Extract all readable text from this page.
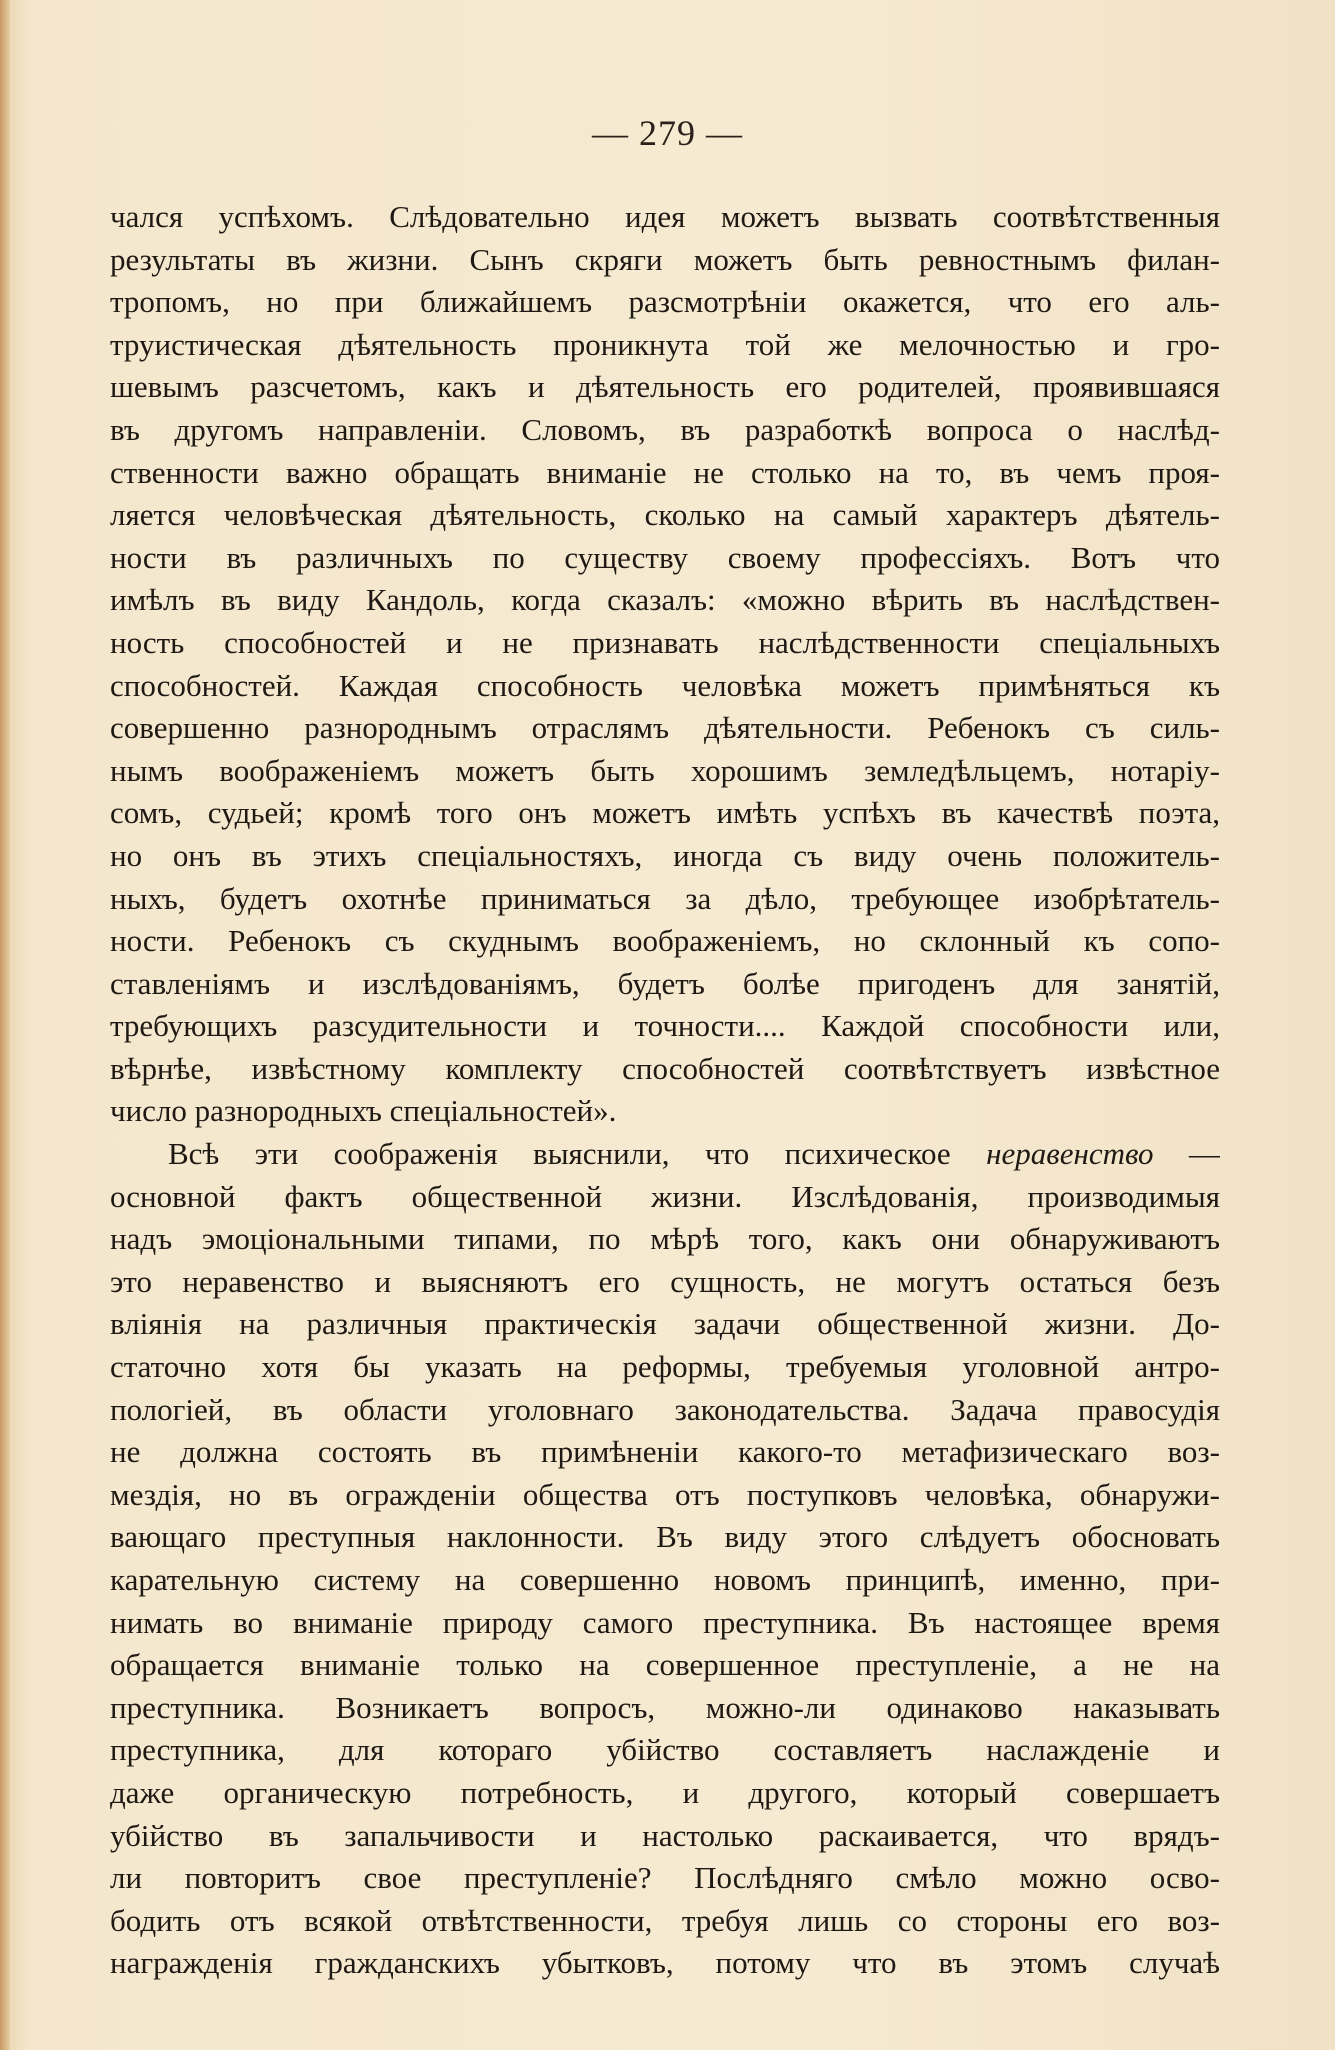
— 279 —
чался успѣхомъ. Слѣдовательно идея можетъ вызвать соотвѣтственныя
результаты въ жизни. Сынъ скряги можетъ быть ревностнымъ филан-
тропомъ, но при ближайшемъ разсмотрѣніи окажется, что его аль-
труистическая дѣятельность проникнута той же мелочностью и гро-
шевымъ разсчетомъ, какъ и дѣятельность его родителей, проявившаяся
въ другомъ направленіи. Словомъ, въ разработкѣ вопроса о наслѣд-
ственности важно обращать вниманіе не столько на то, въ чемъ проя-
ляется человѣческая дѣятельность, сколько на самый характеръ дѣятель-
ности въ различныхъ по существу своему профессіяхъ. Вотъ что
имѣлъ въ виду Кандоль, когда сказалъ: «можно вѣрить въ наслѣдствен-
ность способностей и не признавать наслѣдственности спеціальныхъ
способностей. Каждая способность человѣка можетъ примѣняться къ
совершенно разнороднымъ отраслямъ дѣятельности. Ребенокъ съ силь-
нымъ воображеніемъ можетъ быть хорошимъ земледѣльцемъ, нотаріу-
сомъ, судьей; кромѣ того онъ можетъ имѣть успѣхъ въ качествѣ поэта,
но онъ въ этихъ спеціальностяхъ, иногда съ виду очень положитель-
ныхъ, будетъ охотнѣе приниматься за дѣло, требующее изобрѣтатель-
ности. Ребенокъ съ скуднымъ воображеніемъ, но склонный къ сопо-
ставленіямъ и изслѣдованіямъ, будетъ болѣе пригоденъ для занятій,
требующихъ разсудительности и точности.... Каждой способности или,
вѣрнѣе, извѣстному комплекту способностей соотвѣтствуетъ извѣстное
число разнородныхъ спеціальностей».
Всѣ эти соображенія выяснили, что психическое неравенство —
основной фактъ общественной жизни. Изслѣдованія, производимыя
надъ эмоціональными типами, по мѣрѣ того, какъ они обнаруживаютъ
это неравенство и выясняютъ его сущность, не могутъ остаться безъ
вліянія на различныя практическія задачи общественной жизни. До-
статочно хотя бы указать на реформы, требуемыя уголовной антро-
пологіей, въ области уголовнаго законодательства. Задача правосудія
не должна состоять въ примѣненіи какого-то метафизическаго воз-
мездія, но въ огражденіи общества отъ поступковъ человѣка, обнаружи-
вающаго преступныя наклонности. Въ виду этого слѣдуетъ обосновать
карательную систему на совершенно новомъ принципѣ, именно, при-
нимать во вниманіе природу самого преступника. Въ настоящее время
обращается вниманіе только на совершенное преступленіе, а не на
преступника. Возникаетъ вопросъ, можно-ли одинаково наказывать
преступника, для котораго убійство составляетъ наслажденіе и
даже органическую потребность, и другого, который совершаетъ
убійство въ запальчивости и настолько раскаивается, что врядъ-
ли повторитъ свое преступленіе? Послѣдняго смѣло можно осво-
бодить отъ всякой отвѣтственности, требуя лишь со стороны его воз-
награжденія гражданскихъ убытковъ, потому что въ этомъ случаѣ
